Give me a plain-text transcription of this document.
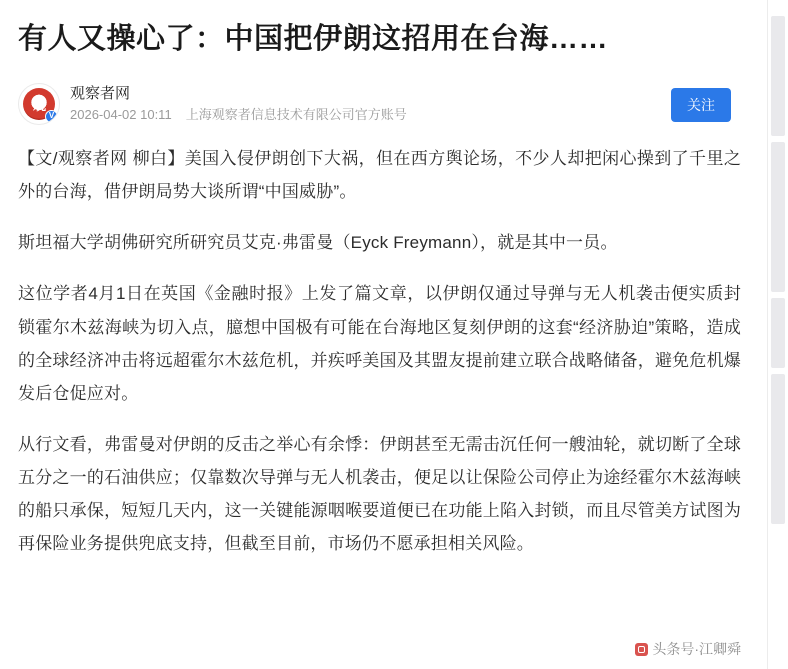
有人又操心了：中国把伊朗这招用在台海……
观
V
观察者网
2026-04-02 10:11 上海观察者信息技术有限公司官方账号
关注

【文/观察者网 柳白】美国入侵伊朗创下大祸，但在西方舆论场，不少人却把闲心操到了千里之外的台海，借伊朗局势大谈所谓“中国威胁”。

斯坦福大学胡佛研究所研究员艾克·弗雷曼（Eyck Freymann），就是其中一员。

这位学者4月1日在英国《金融时报》上发了篇文章，以伊朗仅通过导弹与无人机袭击便实质封锁霍尔木兹海峡为切入点，臆想中国极有可能在台海地区复刻伊朗的这套“经济胁迫”策略，造成的全球经济冲击将远超霍尔木兹危机，并疾呼美国及其盟友提前建立联合战略储备，避免危机爆发后仓促应对。

从行文看，弗雷曼对伊朗的反击之举心有余悸：伊朗甚至无需击沉任何一艘油轮，就切断了全球五分之一的石油供应；仅靠数次导弹与无人机袭击，便足以让保险公司停止为途经霍尔木兹海峡的船只承保，短短几天内，这一关键能源咽喉要道便已在功能上陷入封锁，而且尽管美方试图为再保险业务提供兜底支持，但截至目前，市场仍不愿承担相关风险。

头条号·江卿舜
